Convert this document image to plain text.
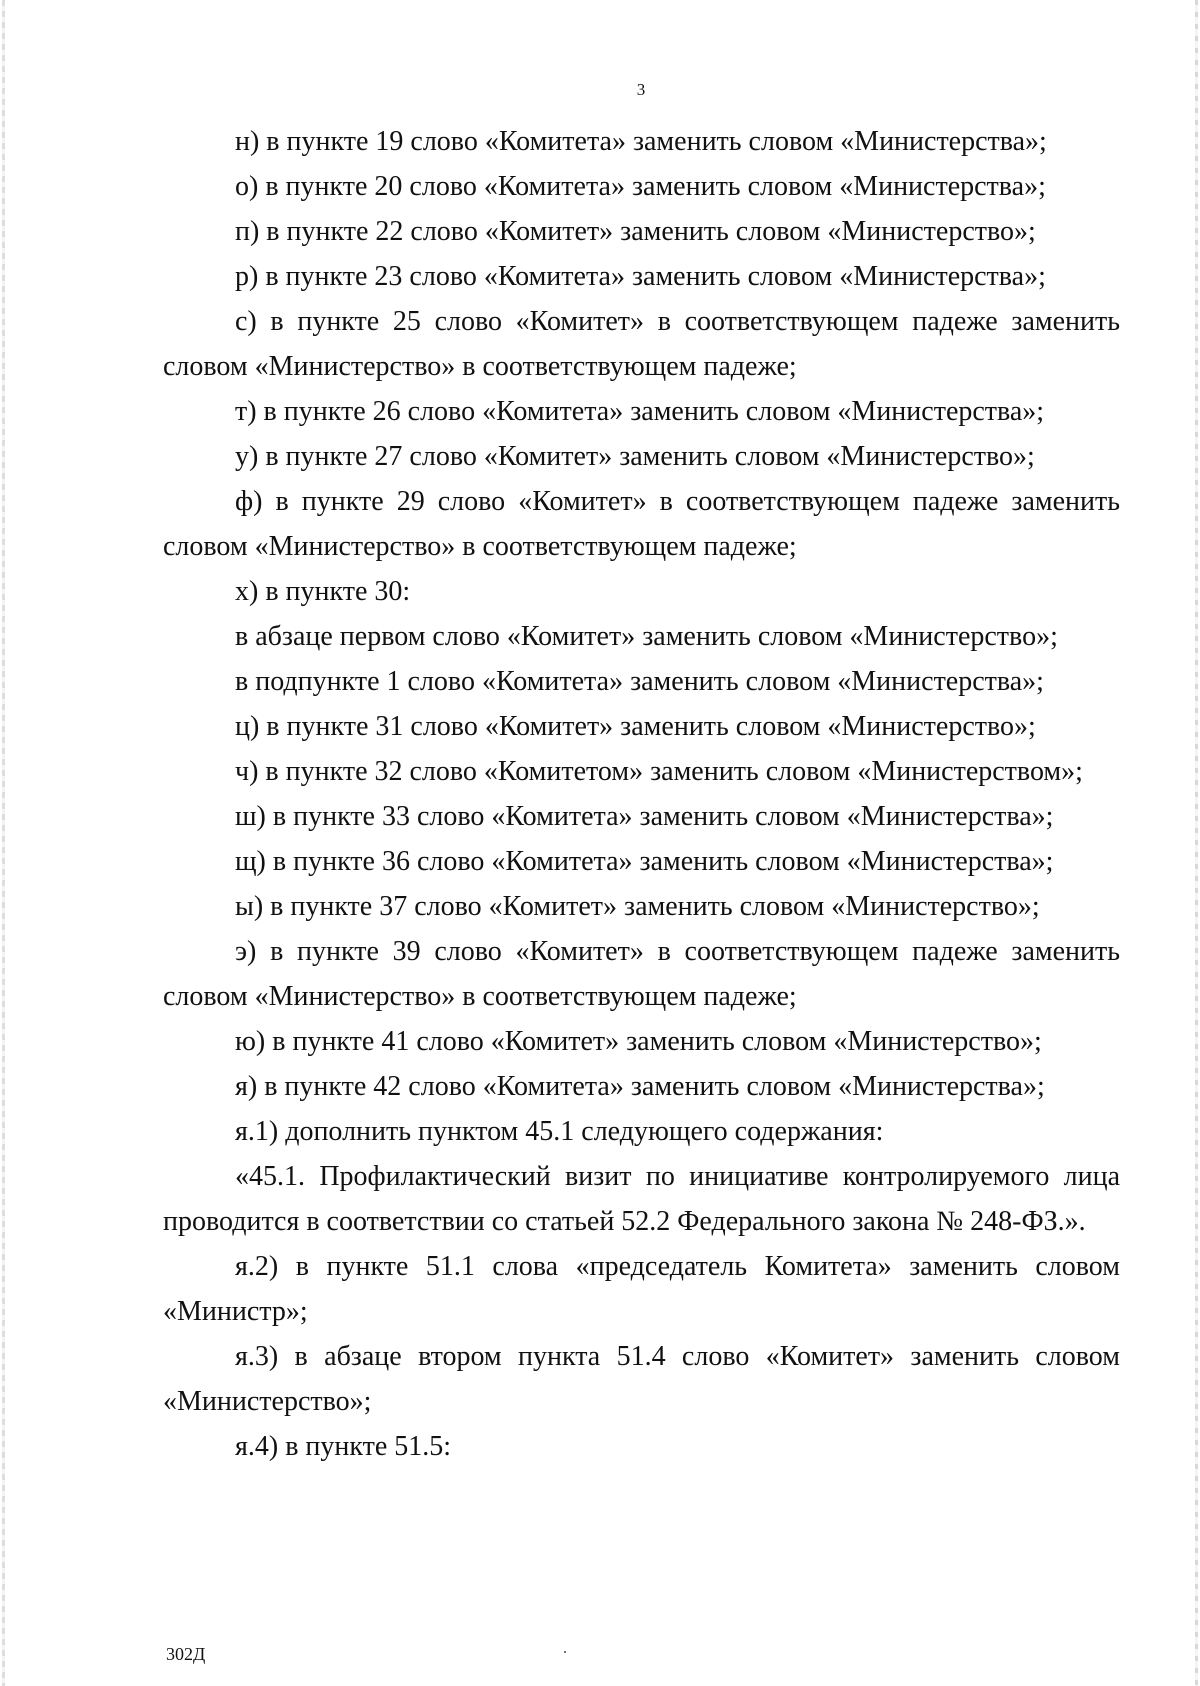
3

н) в пункте 19 слово «Комитета» заменить словом «Министерства»;

о) в пункте 20 слово «Комитета» заменить словом «Министерства»;

п) в пункте 22 слово «Комитет» заменить словом «Министерство»;

р) в пункте 23 слово «Комитета» заменить словом «Министерства»;

с) в пункте 25 слово «Комитет» в соответствующем падеже заменить словом «Министерство» в соответствующем падеже;

т) в пункте 26 слово «Комитета» заменить словом «Министерства»;

у) в пункте 27 слово «Комитет» заменить словом «Министерство»;

ф) в пункте 29 слово «Комитет» в соответствующем падеже заменить словом «Министерство» в соответствующем падеже;

х) в пункте 30:

в абзаце первом слово «Комитет» заменить словом «Министерство»;

в подпункте 1 слово «Комитета» заменить словом «Министерства»;

ц) в пункте 31 слово «Комитет» заменить словом «Министерство»;

ч) в пункте 32 слово «Комитетом» заменить словом «Министерством»;

ш) в пункте 33 слово «Комитета» заменить словом «Министерства»;

щ) в пункте 36 слово «Комитета» заменить словом «Министерства»;

ы) в пункте 37 слово «Комитет» заменить словом «Министерство»;

э) в пункте 39 слово «Комитет» в соответствующем падеже заменить словом «Министерство» в соответствующем падеже;

ю) в пункте 41 слово «Комитет» заменить словом «Министерство»;

я) в пункте 42 слово «Комитета» заменить словом «Министерства»;

я.1) дополнить пунктом 45.1 следующего содержания:

«45.1. Профилактический визит по инициативе контролируемого лица проводится в соответствии со статьей 52.2 Федерального закона № 248-ФЗ.».

я.2) в пункте 51.1 слова «председатель Комитета» заменить словом «Министр»;

я.3) в абзаце втором пункта 51.4 слово «Комитет» заменить словом «Министерство»;

я.4) в пункте 51.5:

302Д
